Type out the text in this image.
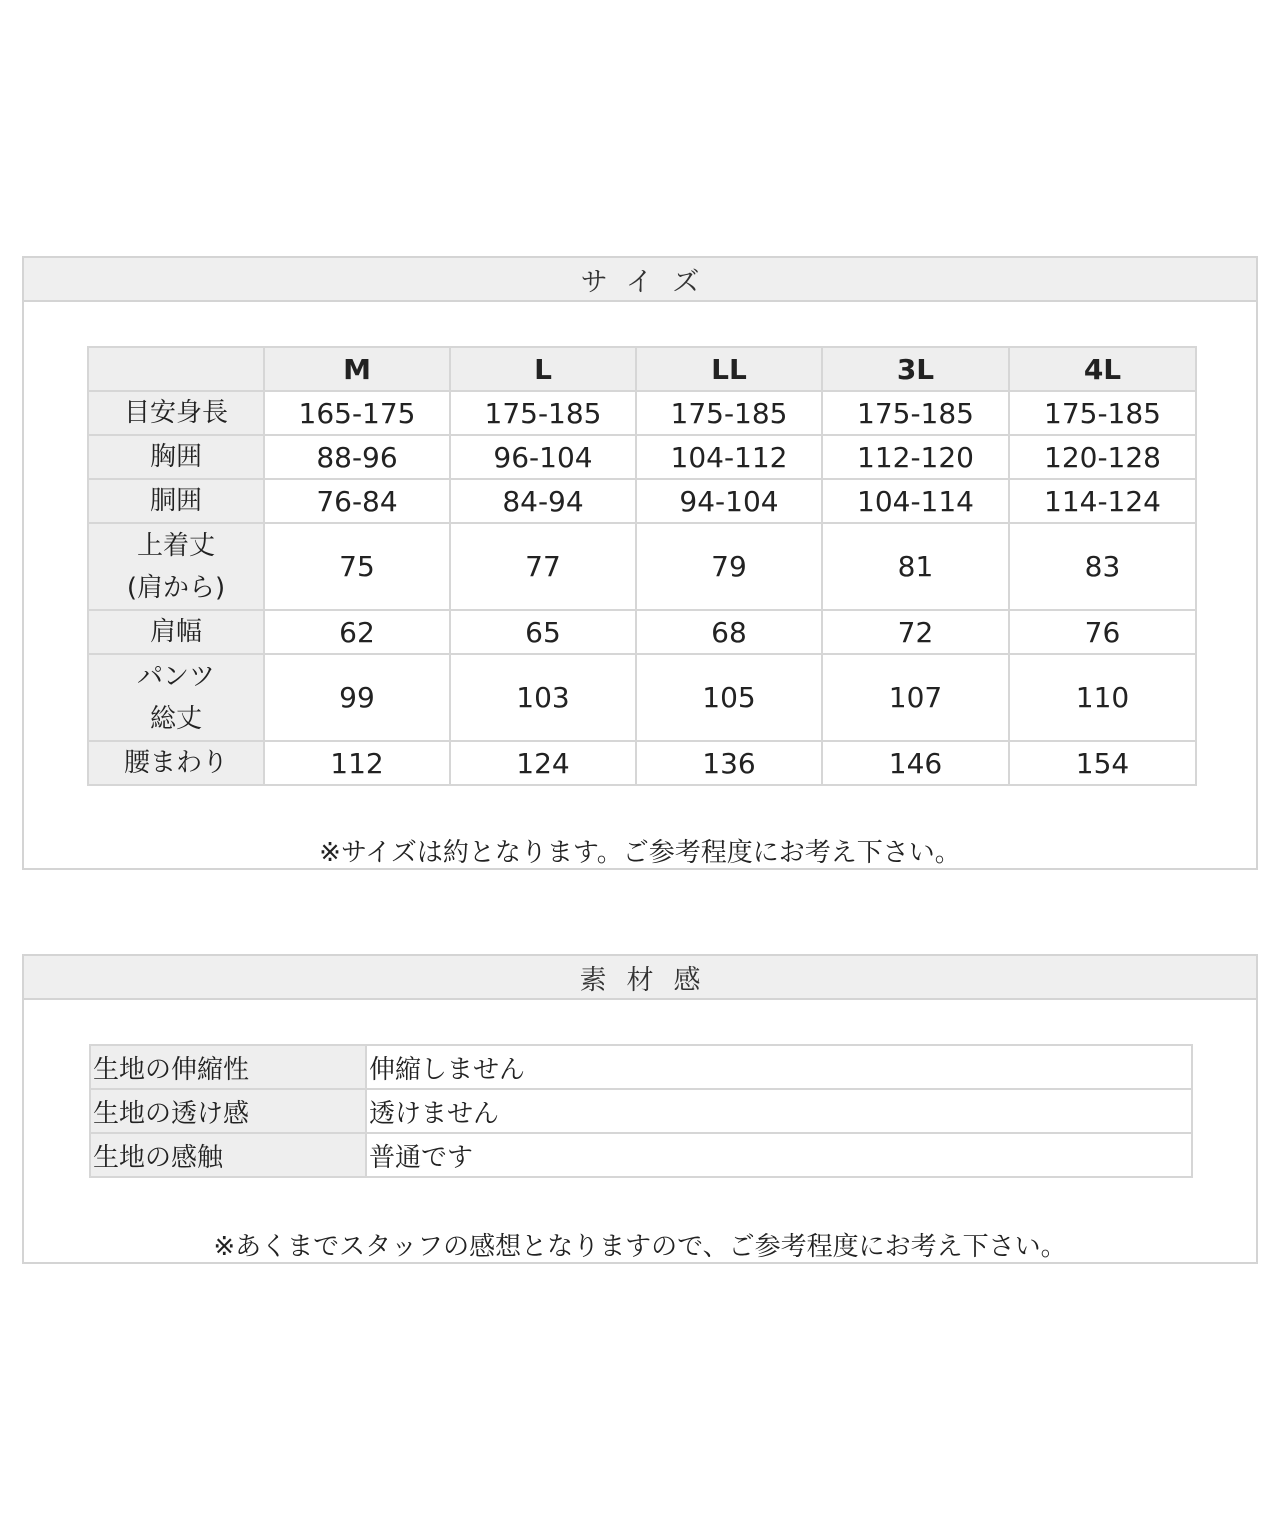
サイズ
	M	L	LL	3L	4L
目安身長	165-175	175-185	175-185	175-185	175-185
胸囲	88-96	96-104	104-112	112-120	120-128
胴囲	76-84	84-94	94-104	104-114	114-124

上着丈
(肩から)	75	77	79	81	83
肩幅	62	65	68	72	76

パンツ
総丈	99	103	105	107	110
腰まわり	112	124	136	146	154
※サイズは約となります。ご参考程度にお考え下さい。
素材感
生地の伸縮性	伸縮しません
生地の透け感	透けません
生地の感触	普通です
※あくまでスタッフの感想となりますので、ご参考程度にお考え下さい。
